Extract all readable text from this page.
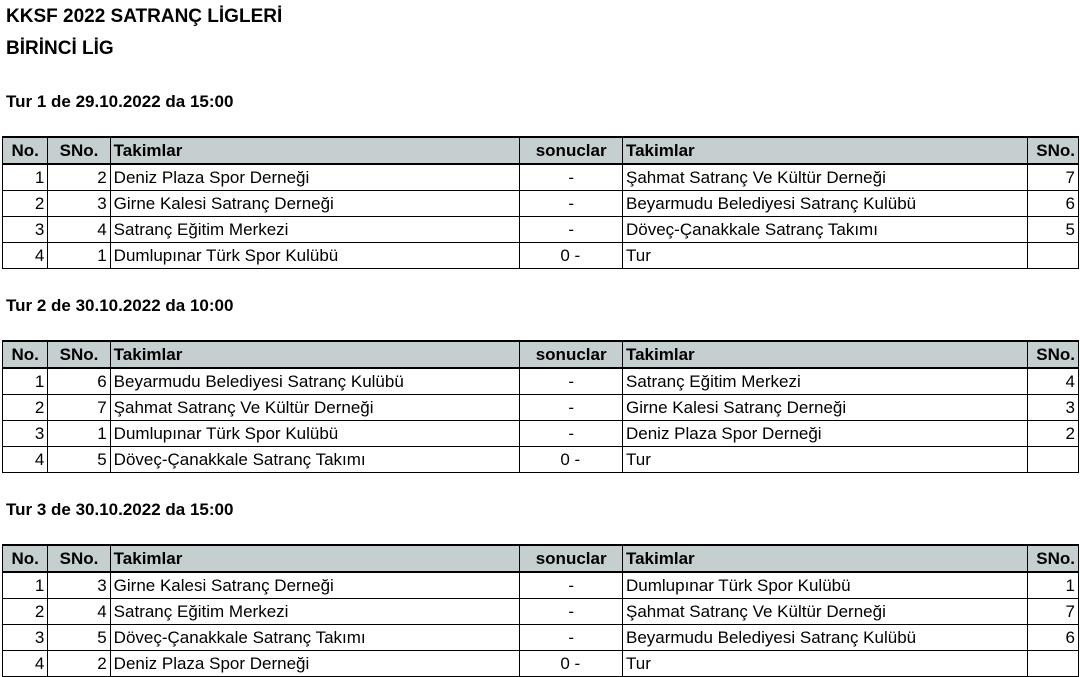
KKSF 2022 SATRANÇ LİGLERİ
BİRİNCİ LİG
Tur 1 de 29.10.2022 da 15:00
No.	SNo.	Takimlar	sonuclar	Takimlar	SNo.
1	2	Deniz Plaza Spor Derneği	-	Şahmat Satranç Ve Kültür Derneği	7
2	3	Girne Kalesi Satranç Derneği	-	Beyarmudu Belediyesi Satranç Kulübü	6
3	4	Satranç Eğitim Merkezi	-	Döveç-Çanakkale Satranç Takımı	5
4	1	Dumlupınar Türk Spor Kulübü	0 -	Tur	
Tur 2 de 30.10.2022 da 10:00
No.	SNo.	Takimlar	sonuclar	Takimlar	SNo.
1	6	Beyarmudu Belediyesi Satranç Kulübü	-	Satranç Eğitim Merkezi	4
2	7	Şahmat Satranç Ve Kültür Derneği	-	Girne Kalesi Satranç Derneği	3
3	1	Dumlupınar Türk Spor Kulübü	-	Deniz Plaza Spor Derneği	2
4	5	Döveç-Çanakkale Satranç Takımı	0 -	Tur	
Tur 3 de 30.10.2022 da 15:00
No.	SNo.	Takimlar	sonuclar	Takimlar	SNo.
1	3	Girne Kalesi Satranç Derneği	-	Dumlupınar Türk Spor Kulübü	1
2	4	Satranç Eğitim Merkezi	-	Şahmat Satranç Ve Kültür Derneği	7
3	5	Döveç-Çanakkale Satranç Takımı	-	Beyarmudu Belediyesi Satranç Kulübü	6
4	2	Deniz Plaza Spor Derneği	0 -	Tur	
